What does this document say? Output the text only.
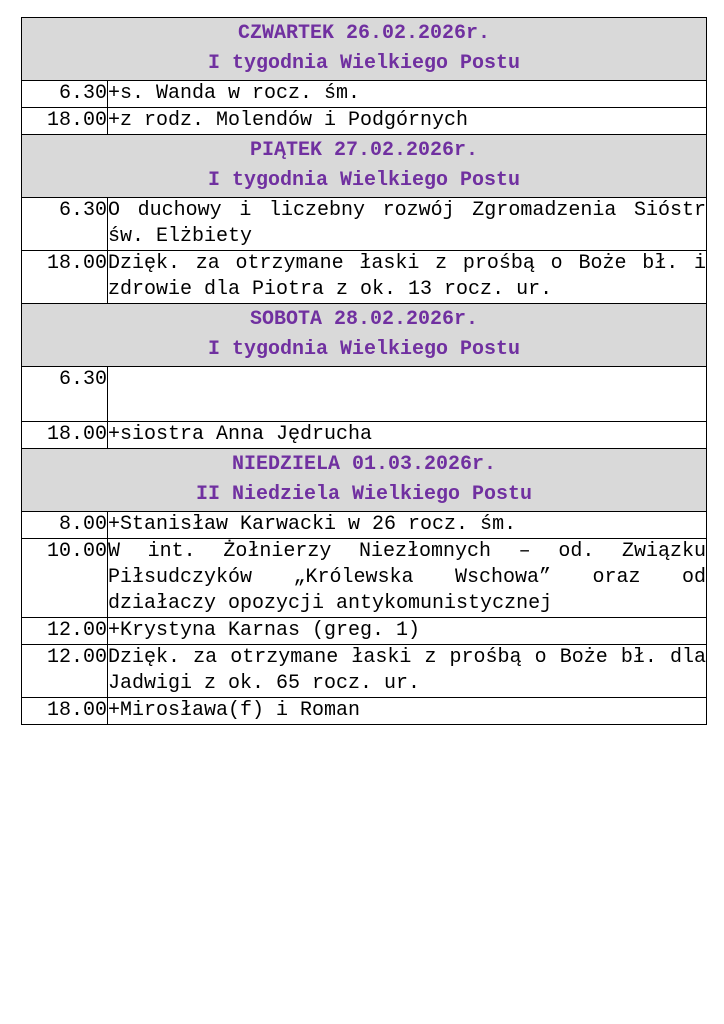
CZWARTEK 26.02.2026r.
I tygodnia Wielkiego Postu	

6.30	+s. Wanda w rocz. śm.
18.00	+z rodz. Molendów i Podgórnych

PIĄTEK 27.02.2026r.
I tygodnia Wielkiego Postu	

6.30	O duchowy i liczebny rozwój Zgromadzenia Sióstr św. Elżbiety
18.00	Dzięk. za otrzymane łaski z prośbą o Boże bł. i zdrowie dla Piotra z ok. 13 rocz. ur.

SOBOTA 28.02.2026r.
I tygodnia Wielkiego Postu	

6.30	

18.00	+siostra Anna Jędrucha

NIEDZIELA 01.03.2026r.
II Niedziela Wielkiego Postu	

8.00	+Stanisław Karwacki w 26 rocz. śm.
10.00	W int. Żołnierzy Niezłomnych – od. Związku Piłsudczyków „Królewska Wschowa” oraz od działaczy opozycji antykomunistycznej
12.00	+Krystyna Karnas (greg. 1)
12.00	Dzięk. za otrzymane łaski z prośbą o Boże bł. dla Jadwigi z ok. 65 rocz. ur.
18.00	+Mirosława(f) i Roman
